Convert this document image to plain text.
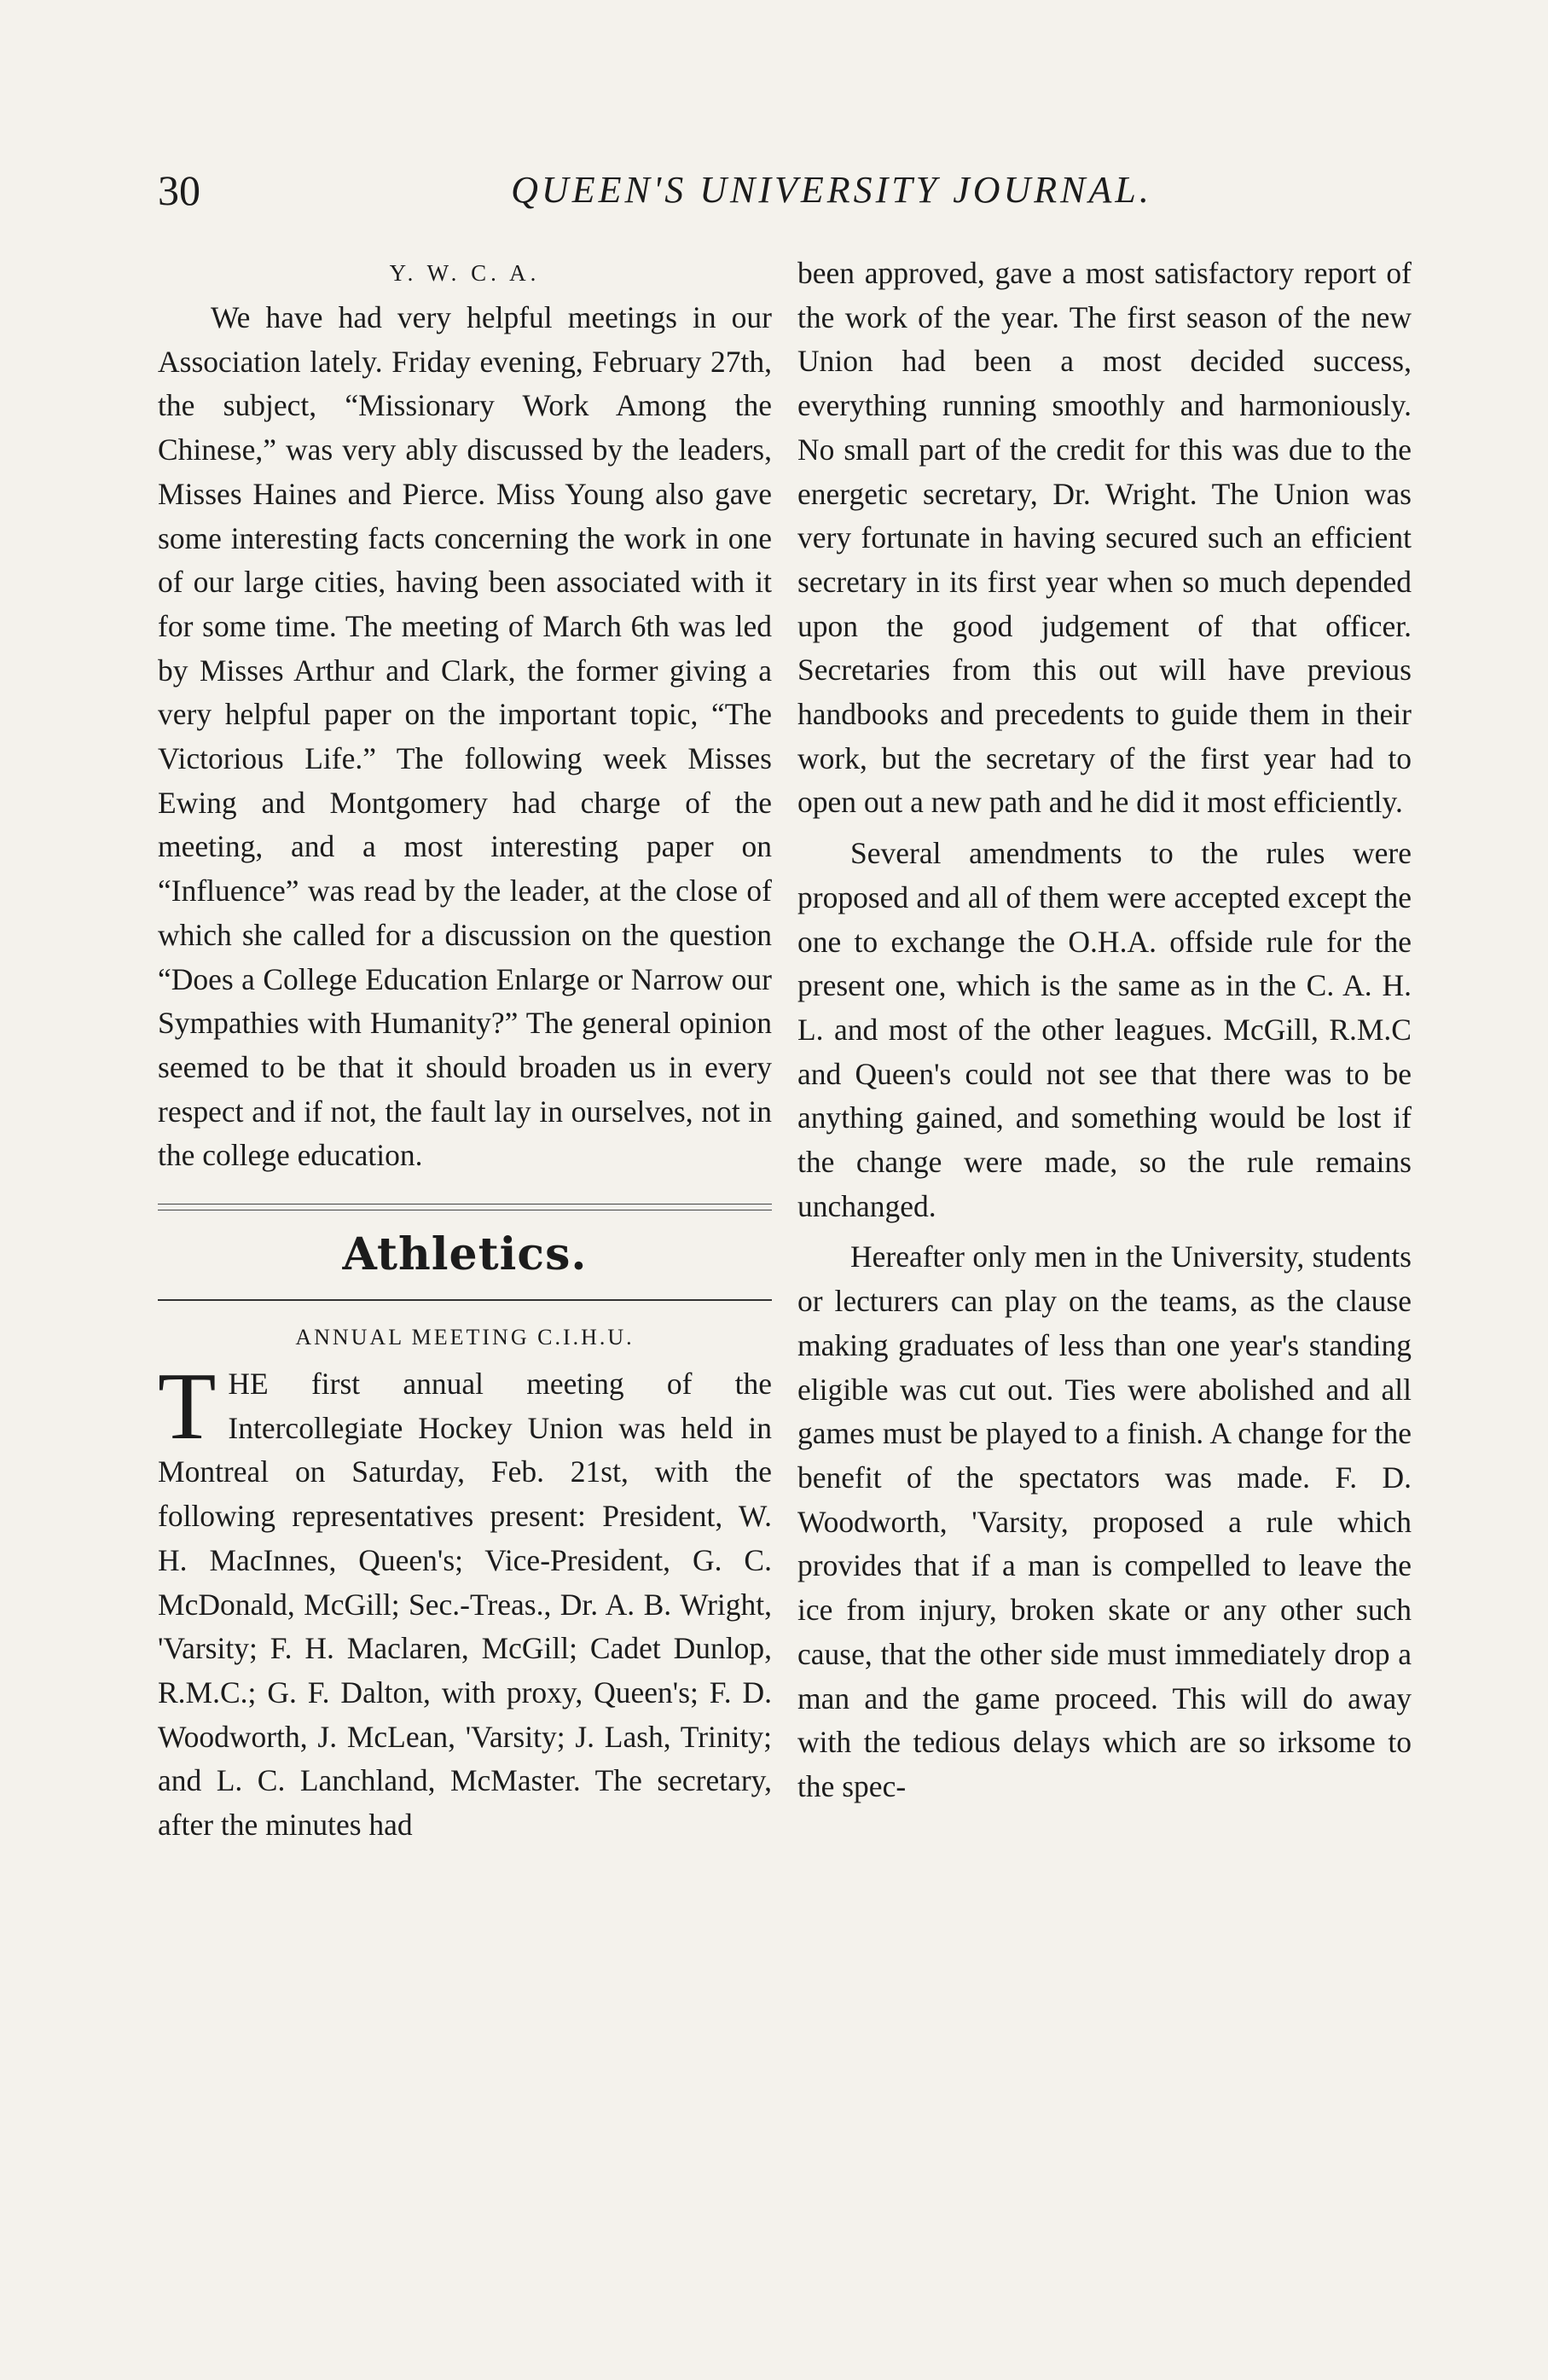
30	QUEEN'S UNIVERSITY JOURNAL.
Y. W. C. A.

We have had very helpful meetings in our Association lately. Friday evening, February 27th, the subject, “Missionary Work Among the Chinese,” was very ably discussed by the leaders, Misses Haines and Pierce. Miss Young also gave some interesting facts concerning the work in one of our large cities, having been associated with it for some time. The meeting of March 6th was led by Misses Arthur and Clark, the former giving a very helpful paper on the important topic, “The Victorious Life.” The following week Misses Ewing and Montgomery had charge of the meeting, and a most interesting paper on “Influence” was read by the leader, at the close of which she called for a discussion on the question “Does a College Education Enlarge or Narrow our Sympathies with Humanity?” The general opinion seemed to be that it should broaden us in every respect and if not, the fault lay in ourselves, not in the college education.

Athletics.
ANNUAL MEETING C.I.H.U.

THE first annual meeting of the Intercollegiate Hockey Union was held in Montreal on Saturday, Feb. 21st, with the following representatives present: President, W. H. MacInnes, Queen's; Vice-President, G. C. McDonald, McGill; Sec.-Treas., Dr. A. B. Wright, 'Varsity; F. H. Maclaren, McGill; Cadet Dunlop, R.M.C.; G. F. Dalton, with proxy, Queen's; F. D. Woodworth, J. McLean, 'Varsity; J. Lash, Trinity; and L. C. Lanchland, McMaster. The secretary, after the minutes had

been approved, gave a most satisfactory report of the work of the year. The first season of the new Union had been a most decided success, everything running smoothly and harmoniously. No small part of the credit for this was due to the energetic secretary, Dr. Wright. The Union was very fortunate in having secured such an efficient secretary in its first year when so much depended upon the good judgement of that officer. Secretaries from this out will have previous handbooks and precedents to guide them in their work, but the secretary of the first year had to open out a new path and he did it most efficiently.

Several amendments to the rules were proposed and all of them were accepted except the one to exchange the O.H.A. offside rule for the present one, which is the same as in the C. A. H. L. and most of the other leagues. McGill, R.M.C and Queen's could not see that there was to be anything gained, and something would be lost if the change were made, so the rule remains unchanged.

Hereafter only men in the University, students or lecturers can play on the teams, as the clause making graduates of less than one year's standing eligible was cut out. Ties were abolished and all games must be played to a finish. A change for the benefit of the spectators was made. F. D. Woodworth, 'Varsity, proposed a rule which provides that if a man is compelled to leave the ice from injury, broken skate or any other such cause, that the other side must immediately drop a man and the game proceed. This will do away with the tedious delays which are so irksome to the spec-
